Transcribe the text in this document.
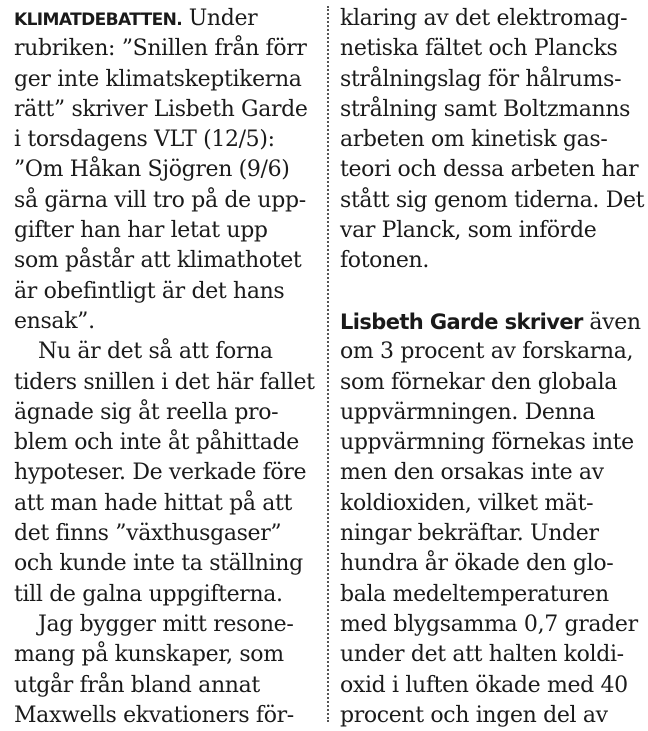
KLIMATDEBATTEN. Under
rubriken: ”Snillen från förr
ger inte klimatskeptikerna
rätt” skriver Lisbeth Garde
i torsdagens VLT (12/5):
”Om Håkan Sjögren (9/6)
så gärna vill tro på de upp-
gifter han har letat upp
som påstår att klimathotet
är obefintligt är det hans
ensak”.
Nu är det så att forna
tiders snillen i det här fallet
ägnade sig åt reella pro-
blem och inte åt påhittade
hypoteser. De verkade före
att man hade hittat på att
det finns ”växthusgaser”
och kunde inte ta ställning
till de galna uppgifterna.
Jag bygger mitt resone-
mang på kunskaper, som
utgår från bland annat
Maxwells ekvationers för-
klaring av det elektromag-
netiska fältet och Plancks
strålningslag för hålrums-
strålning samt Boltzmanns
arbeten om kinetisk gas-
teori och dessa arbeten har
stått sig genom tiderna. Det
var Planck, som införde
fotonen.
Lisbeth Garde skriver även
om 3 procent av forskarna,
som förnekar den globala
uppvärmningen. Denna
uppvärmning förnekas inte
men den orsakas inte av
koldioxiden, vilket mät-
ningar bekräftar. Under
hundra år ökade den glo-
bala medeltemperaturen
med blygsamma 0,7 grader
under det att halten koldi-
oxid i luften ökade med 40
procent och ingen del av
